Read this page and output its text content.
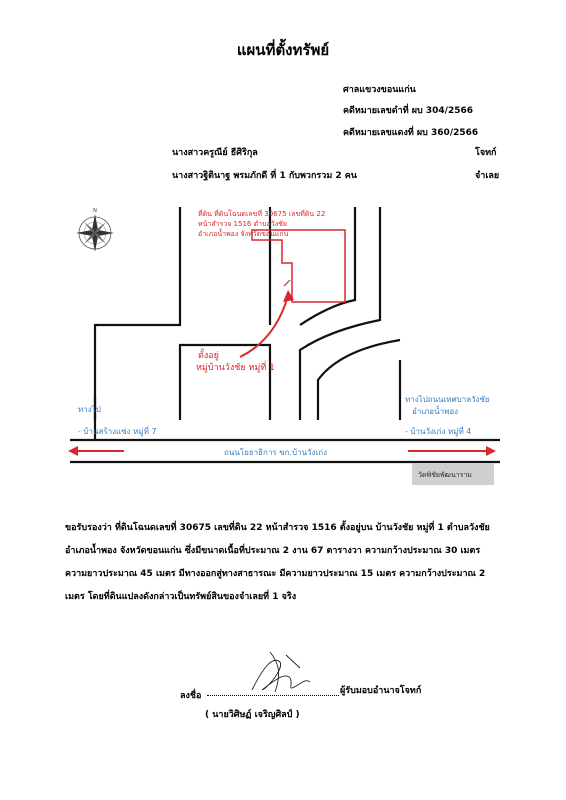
แผนที่ตั้งทรัพย์
ศาลแขวงขอนแก่น
คดีหมายเลขดำที่ ผบ 304/2566
คดีหมายเลขแดงที่ ผบ 360/2566
นางสาวครูณีย์ ธีศิริกุล	โจทก์
นางสาวฐิตินาฐ พรมภักดี ที่ 1 กับพวกรวม 2 คน	จำเลย
N	ที่ดิน ที่ดินโฉนดเลขที่ 30675 เลขที่ดิน 22 หน้าสำรวจ 1516 ตำบลวังชัย อำเภอน้ำพอง จังหวัดขอนแก่น
ตั้งอยู่ หมู่บ้านวังชัย หมู่ที่ 1
ทางไป - บ้านสร้างแซ่ง หมู่ที่ 7
ทางไปถนนเทศบาลวังชัย อำเภอน้ำพอง - บ้านวังเก่ง หมู่ที่ 4
ถนนโยธาธิการ ขก.บ้านวังเก่ง
วัดพิชัยพัฒนาราม
ขอรับรองว่า ที่ดินโฉนดเลขที่ 30675 เลขที่ดิน 22 หน้าสำรวจ 1516 ตั้งอยู่บน บ้านวังชัย หมู่ที่ 1 ตำบลวังชัย อำเภอน้ำพอง จังหวัดขอนแก่น ซึ่งมีขนาดเนื้อที่ประมาณ 2 งาน 67 ตารางวา ความกว้างประมาณ 30 เมตร ความยาวประมาณ 45 เมตร มีทางออกสู่ทางสาธารณะ มีความยาวประมาณ 15 เมตร ความกว้างประมาณ 2 เมตร โดยที่ดินแปลงดังกล่าวเป็นทรัพย์สินของจำเลยที่ 1 จริง
ลงชื่อ	ผู้รับมอบอำนาจโจทก์
( นายวิศิษฏ์ เจริญศิลป์ )
